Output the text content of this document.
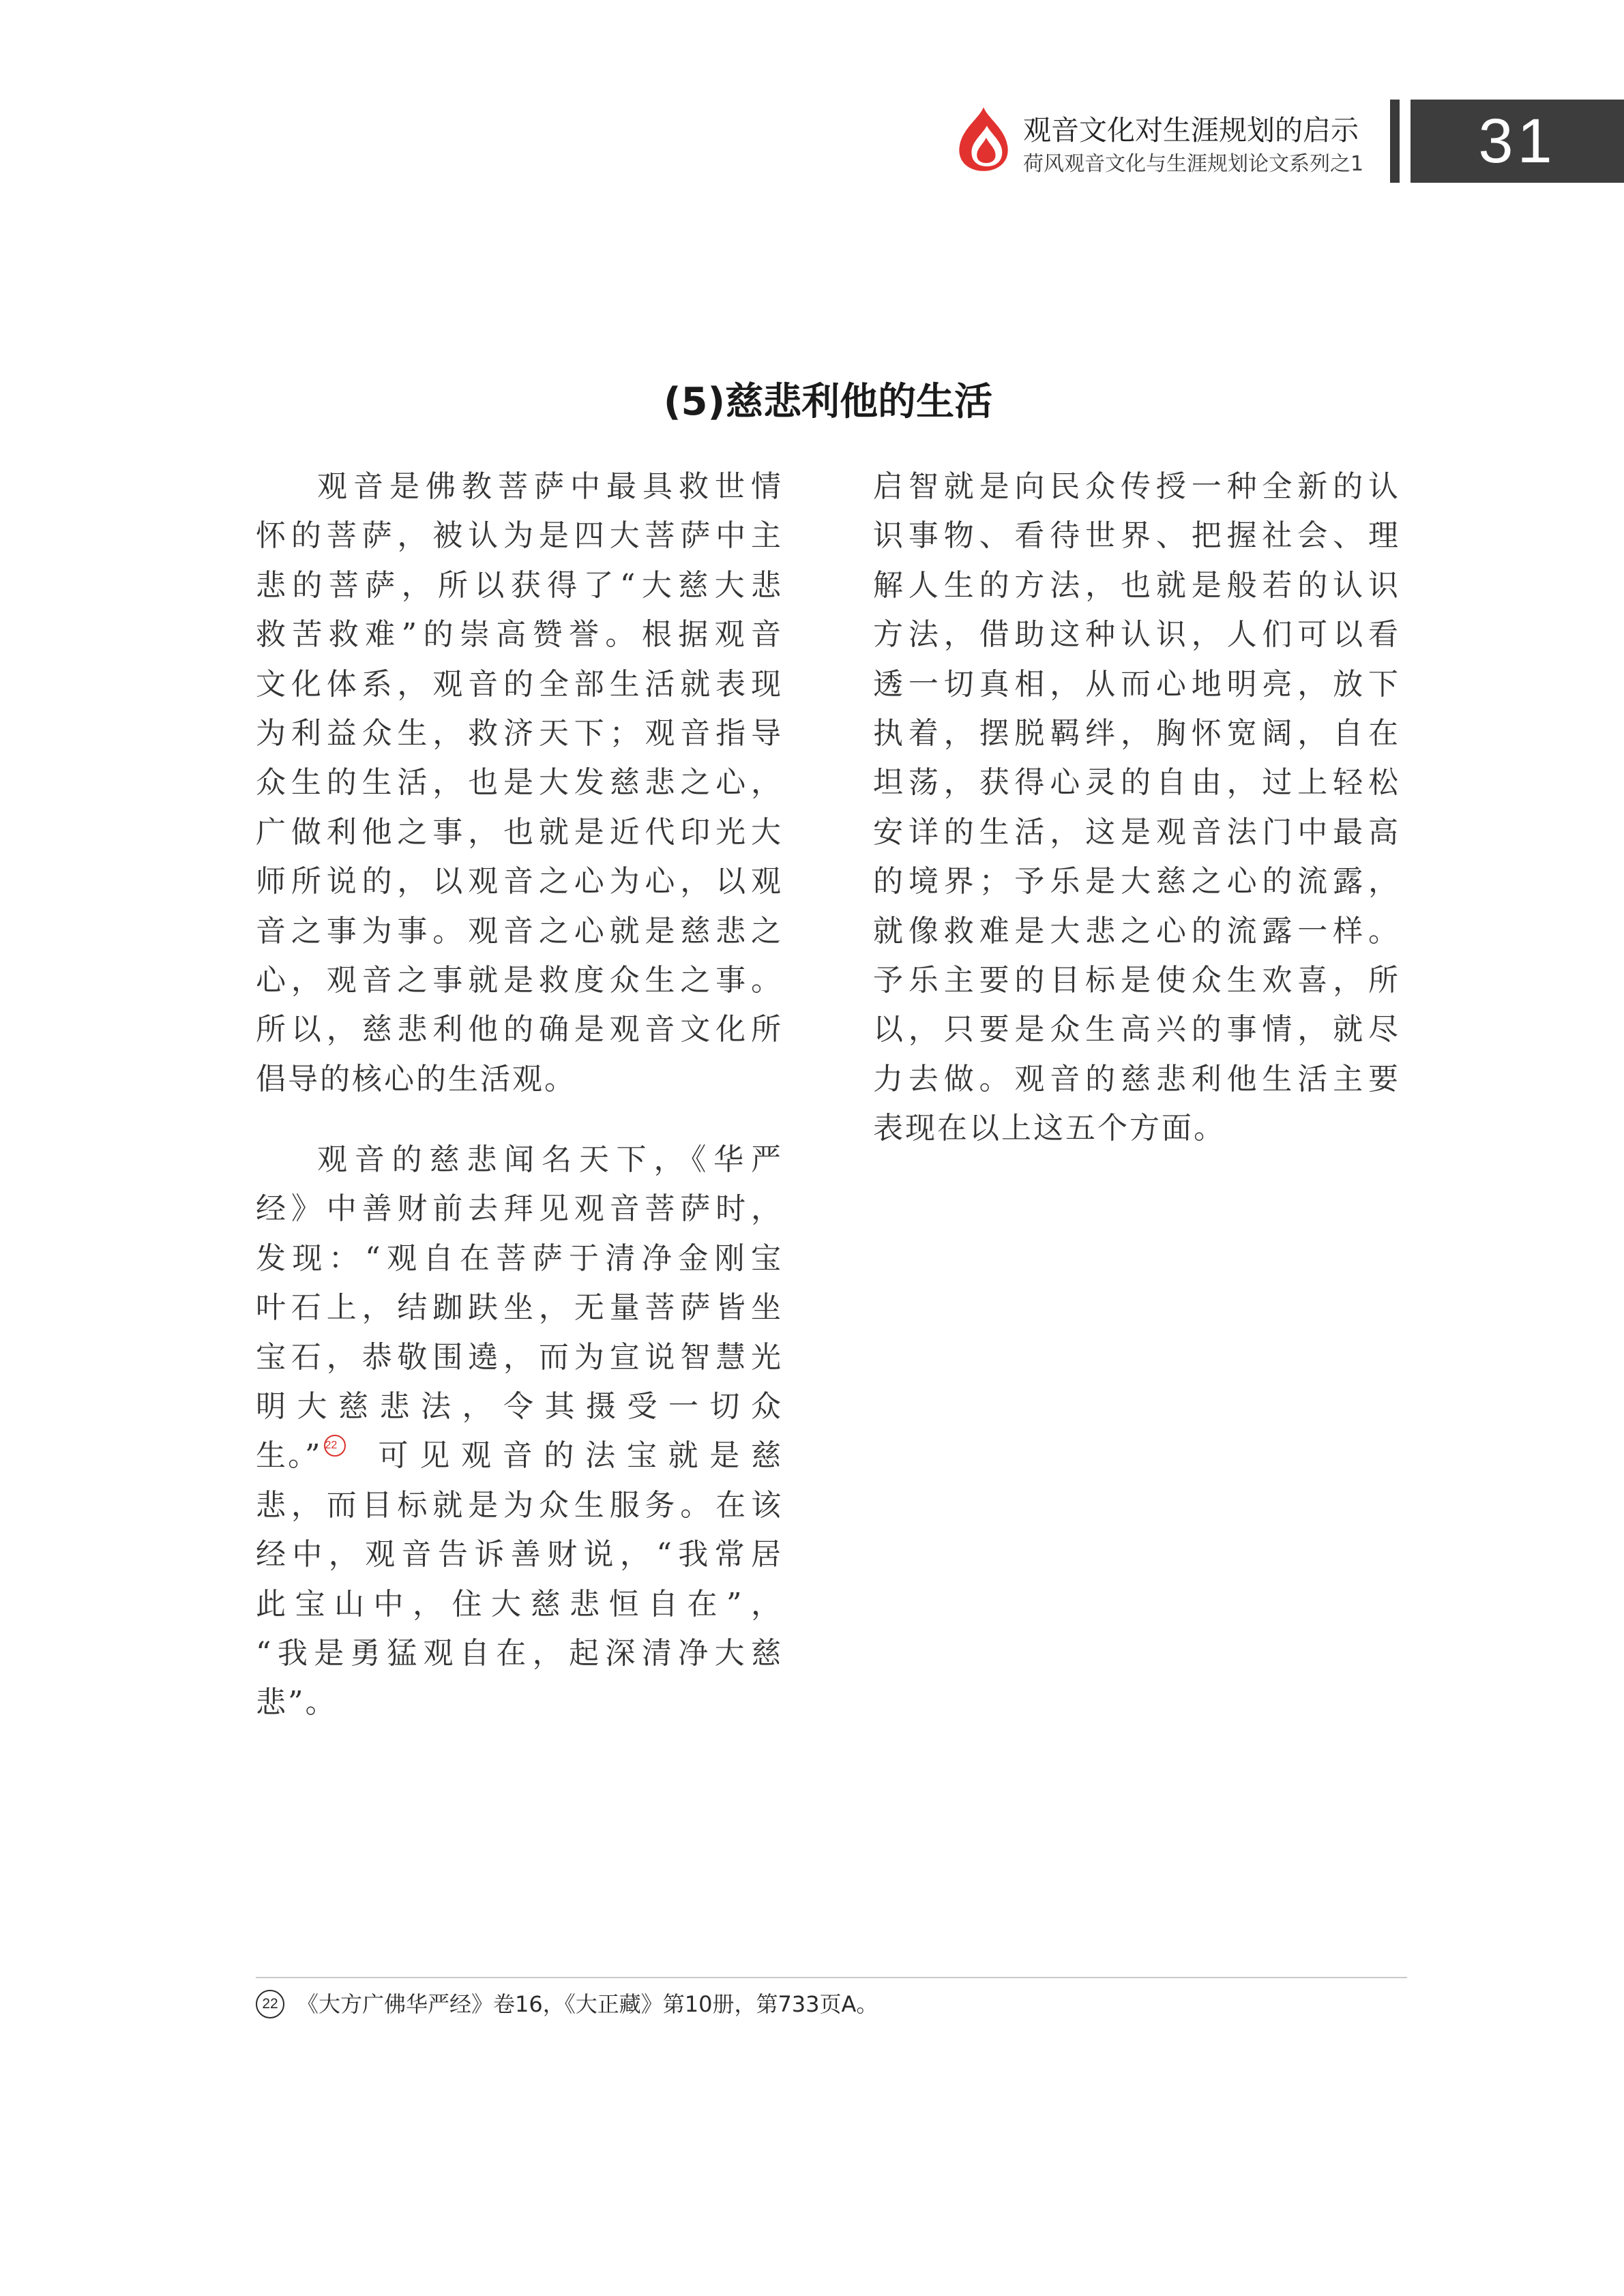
观音文化对生涯规划的启示
荷风观音文化与生涯规划论文系列之1	31
(5)慈悲利他的生活
观音是佛教菩萨中最具救世情
怀的菩萨，被认为是四大菩萨中主
悲的菩萨，所以获得了“大慈大悲
救苦救难”的崇高赞誉。根据观音
文化体系，观音的全部生活就表现
为利益众生，救济天下；观音指导
众生的生活，也是大发慈悲之心，
广做利他之事，也就是近代印光大
师所说的，以观音之心为心，以观
音之事为事。观音之心就是慈悲之
心，观音之事就是救度众生之事。
所以，慈悲利他的确是观音文化所
倡导的核心的生活观。
观音的慈悲闻名天下，《华严
经》中善财前去拜见观音菩萨时，
发现：“观自在菩萨于清净金刚宝
叶石上，结跏趺坐，无量菩萨皆坐
宝石，恭敬围遶，而为宣说智慧光
明大慈悲法，令其摄受一切众
生。” 22 可见观音的法宝就是慈
悲，而目标就是为众生服务。在该
经中，观音告诉善财说，“我常居
此宝山中，住大慈悲恒自在”，
“我是勇猛观自在，起深清净大慈
悲”。
启智就是向民众传授一种全新的认
识事物、看待世界、把握社会、理
解人生的方法，也就是般若的认识
方法，借助这种认识，人们可以看
透一切真相，从而心地明亮，放下
执着，摆脱羁绊，胸怀宽阔，自在
坦荡，获得心灵的自由，过上轻松
安详的生活，这是观音法门中最高
的境界；予乐是大慈之心的流露，
就像救难是大悲之心的流露一样。
予乐主要的目标是使众生欢喜，所
以，只要是众生高兴的事情，就尽
力去做。观音的慈悲利他生活主要
表现在以上这五个方面。
22 《大方广佛华严经》卷16，《大正藏》第10册，第733页A。
